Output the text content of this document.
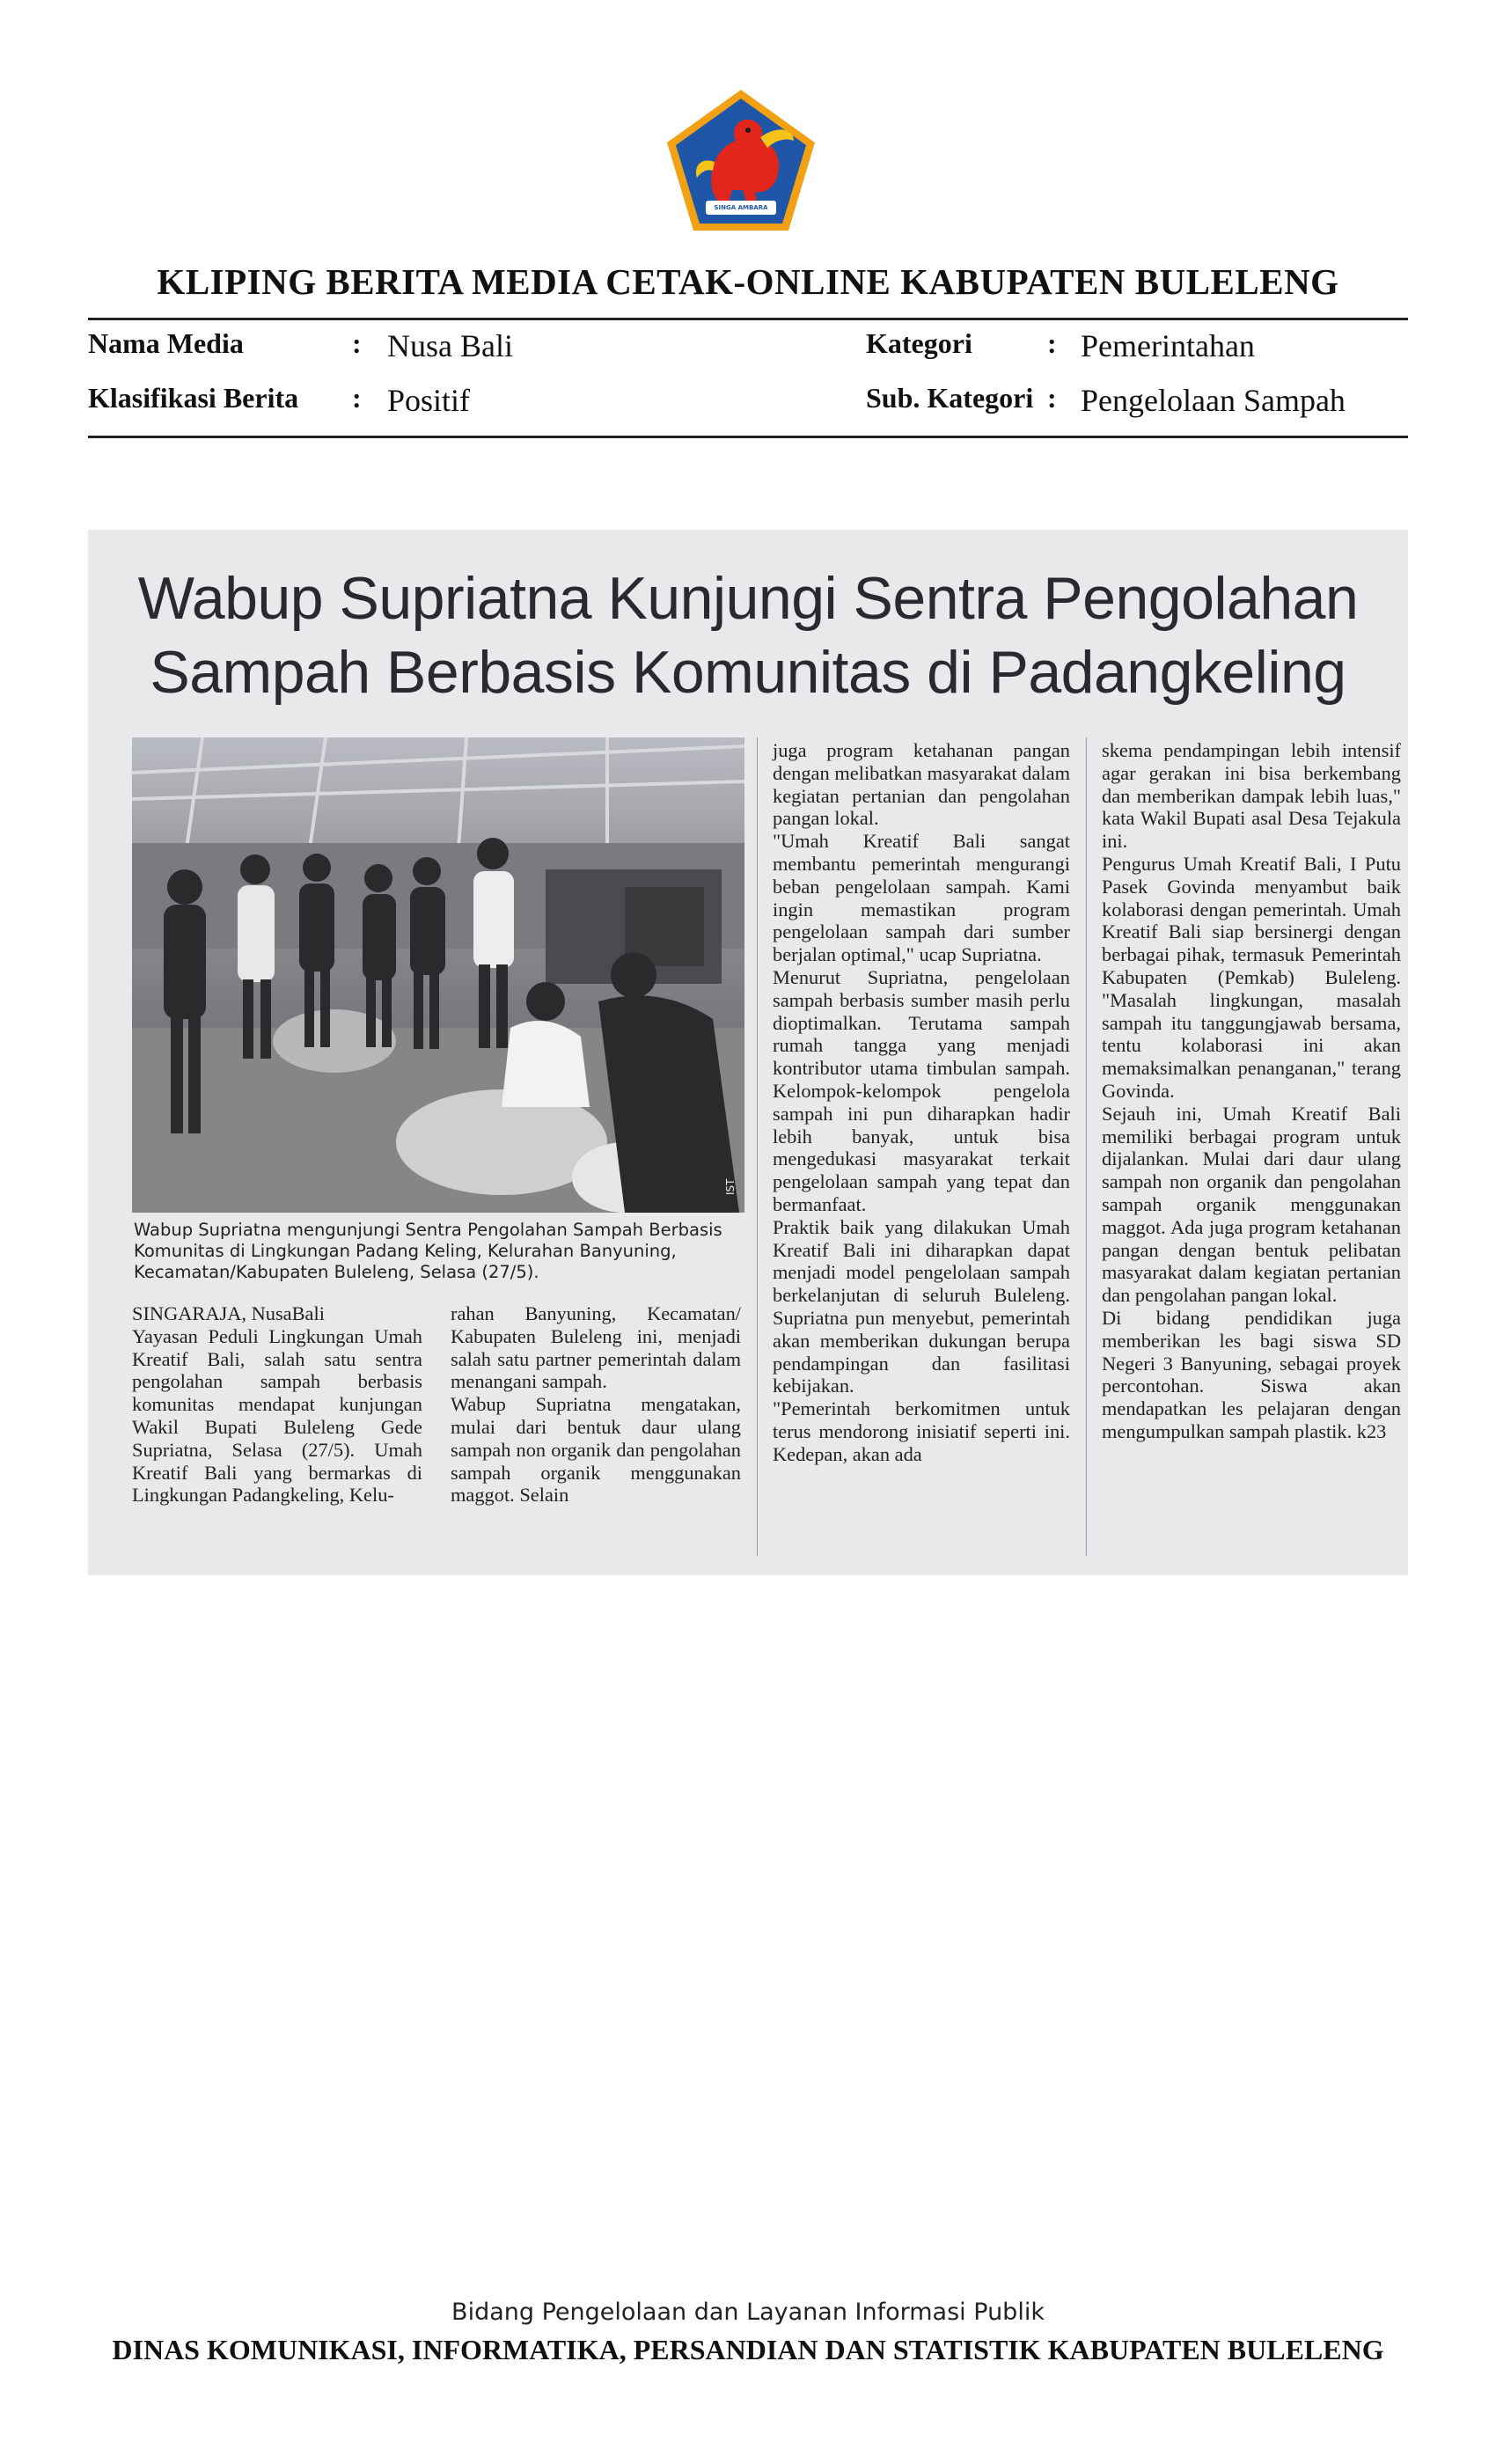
SINGA AMBARA RAJA
KLIPING BERITA MEDIA CETAK-ONLINE KABUPATEN BULELENG
Nama Media	: Nusa Bali	Kategori	: Pemerintahan
Klasifikasi Berita : Positif	Sub. Kategori : Pengelolaan Sampah
Wabup Supriatna Kunjungi Sentra Pengolahan
Sampah Berbasis Komunitas di Padangkeling
IST
Wabup Supriatna mengunjungi Sentra Pengolahan Sampah Berbasis Komunitas di Lingkungan Padang Keling, Kelurahan Banyuning, Kecamatan/Kabupaten Buleleng, Selasa (27/5).
SINGARAJA, NusaBali
Yayasan Peduli Lingkungan Umah Kreatif Bali, salah satu sentra pengolahan sampah berbasis komunitas mendapat kunjungan Wakil Bupati Buleleng Gede Supriatna, Selasa (27/5). Umah Kreatif Bali yang bermarkas di Lingkungan Padangkeling, Kelu-
rahan Banyuning, Kecamatan/ Kabupaten Buleleng ini, menjadi salah satu partner pemerintah dalam menangani sampah.
Wabup Supriatna mengatakan, mulai dari bentuk daur ulang sampah non organik dan pengolahan sampah organik menggunakan maggot. Selain
juga program ketahanan pangan dengan melibatkan masyarakat dalam kegiatan pertanian dan pengolahan pangan lokal.
"Umah Kreatif Bali sangat membantu pemerintah mengurangi beban pengelolaan sampah. Kami ingin memastikan program pengelolaan sampah dari sumber berjalan optimal," ucap Supriatna.
Menurut Supriatna, pengelolaan sampah berbasis sumber masih perlu dioptimalkan. Terutama sampah rumah tangga yang menjadi kontributor utama timbulan sampah. Kelompok-kelompok pengelola sampah ini pun diharapkan hadir lebih banyak, untuk bisa mengedukasi masyarakat terkait pengelolaan sampah yang tepat dan bermanfaat.
Praktik baik yang dilakukan Umah Kreatif Bali ini diharapkan dapat menjadi model pengelolaan sampah berkelanjutan di seluruh Buleleng. Supriatna pun menyebut, pemerintah akan memberikan dukungan berupa pendampingan dan fasilitasi kebijakan.
"Pemerintah berkomitmen untuk terus mendorong inisiatif seperti ini. Kedepan, akan ada
skema pendampingan lebih intensif agar gerakan ini bisa berkembang dan memberikan dampak lebih luas," kata Wakil Bupati asal Desa Tejakula ini.
Pengurus Umah Kreatif Bali, I Putu Pasek Govinda menyambut baik kolaborasi dengan pemerintah. Umah Kreatif Bali siap bersinergi dengan berbagai pihak, termasuk Pemerintah Kabupaten (Pemkab) Buleleng. "Masalah lingkungan, masalah sampah itu tanggungjawab bersama, tentu kolaborasi ini akan memaksimalkan penanganan," terang Govinda.
Sejauh ini, Umah Kreatif Bali memiliki berbagai program untuk dijalankan. Mulai dari daur ulang sampah non organik dan pengolahan sampah organik menggunakan maggot. Ada juga program ketahanan pangan dengan bentuk pelibatan masyarakat dalam kegiatan pertanian dan pengolahan pangan lokal.
Di bidang pendidikan juga memberikan les bagi siswa SD Negeri 3 Banyuning, sebagai proyek percontohan. Siswa akan mendapatkan les pelajaran dengan mengumpulkan sampah plastik. k23
Bidang Pengelolaan dan Layanan Informasi Publik
DINAS KOMUNIKASI, INFORMATIKA, PERSANDIAN DAN STATISTIK KABUPATEN BULELENG
